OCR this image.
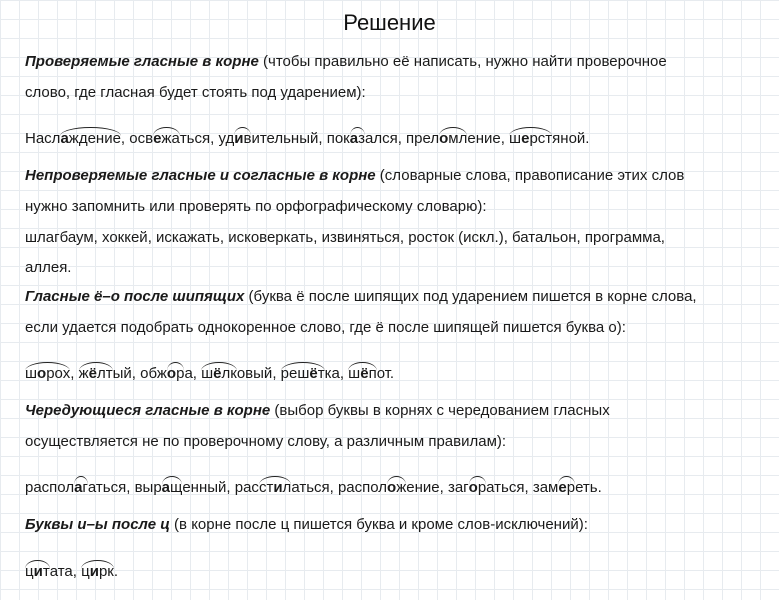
Решение
Проверяемые гласные в корне (чтобы правильно её написать, нужно найти проверочное
слово, где гласная будет стоять под ударением):
Насл
аждение, осв
ежаться, уд
ивительный, пок
азался, прел
омление,
шерстяной.
Непроверяемые гласные и согласные в корне (словарные слова, правописание этих слов
нужно запомнить или проверять по орфографическому словарю):
шлагбаум, хоккей, искажать, исковеркать, извиняться, росток (искл.), батальон, программа,
аллея.
Гласные ё–о после шипящих (буква ё после шипящих под ударением пишется в корне слова,
если удается подобрать однокоренное слово, где ё после шипящей пишется буква о):
шорох,
жёлтый, обж
ора,
шёлковый,
решётка,
шёпот.
Чередующиеся гласные в корне (выбор буквы в корнях с чередованием гласных
осуществляется не по проверочному слову, а различным правилам):
распол
агаться, выр
ащенный, рас
стилаться, распол
ожение, заг
ораться, зам
ереть.
Буквы и–ы после ц (в корне после ц пишется буква и кроме слов-исключений):
цитата,
цирк.
